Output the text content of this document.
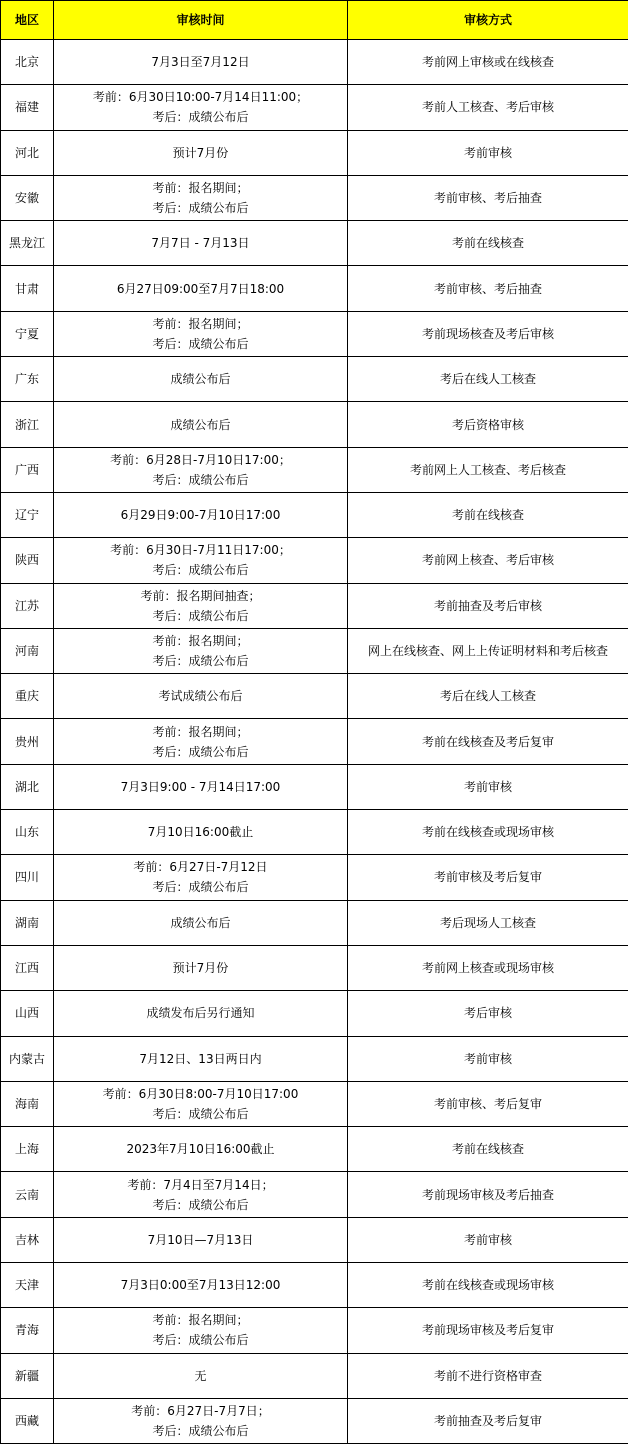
地区	审核时间	审核方式
北京	7月3日至7月12日	考前网上审核或在线核查
福建	考前：6月30日10:00-7月14日11:00；
考后：成绩公布后	考前人工核查、考后审核
河北	预计7月份	考前审核
安徽	考前：报名期间；
考后：成绩公布后	考前审核、考后抽查
黑龙江	7月7日 - 7月13日	考前在线核查
甘肃	6月27日09:00至7月7日18:00	考前审核、考后抽查
宁夏	考前：报名期间；
考后：成绩公布后	考前现场核查及考后审核
广东	成绩公布后	考后在线人工核查
浙江	成绩公布后	考后资格审核
广西	考前：6月28日-7月10日17:00；
考后：成绩公布后	考前网上人工核查、考后核查
辽宁	6月29日9:00-7月10日17:00	考前在线核查
陕西	考前：6月30日-7月11日17:00；
考后：成绩公布后	考前网上核查、考后审核
江苏	考前：报名期间抽查；
考后：成绩公布后	考前抽查及考后审核
河南	考前：报名期间；
考后：成绩公布后	网上在线核查、网上上传证明材料和考后核查
重庆	考试成绩公布后	考后在线人工核查
贵州	考前：报名期间；
考后：成绩公布后	考前在线核查及考后复审
湖北	7月3日9:00 - 7月14日17:00	考前审核
山东	7月10日16:00截止	考前在线核查或现场审核
四川	考前：6月27日-7月12日
考后：成绩公布后	考前审核及考后复审
湖南	成绩公布后	考后现场人工核查
江西	预计7月份	考前网上核查或现场审核
山西	成绩发布后另行通知	考后审核
内蒙古	7月12日、13日两日内	考前审核
海南	考前：6月30日8:00-7月10日17:00
考后：成绩公布后	考前审核、考后复审
上海	2023年7月10日16:00截止	考前在线核查
云南	考前：7月4日至7月14日；
考后：成绩公布后	考前现场审核及考后抽查
吉林	7月10日—7月13日	考前审核
天津	7月3日0:00至7月13日12:00	考前在线核查或现场审核
青海	考前：报名期间；
考后：成绩公布后	考前现场审核及考后复审
新疆	无	考前不进行资格审查
西藏	考前：6月27日-7月7日；
考后：成绩公布后	考前抽查及考后复审
